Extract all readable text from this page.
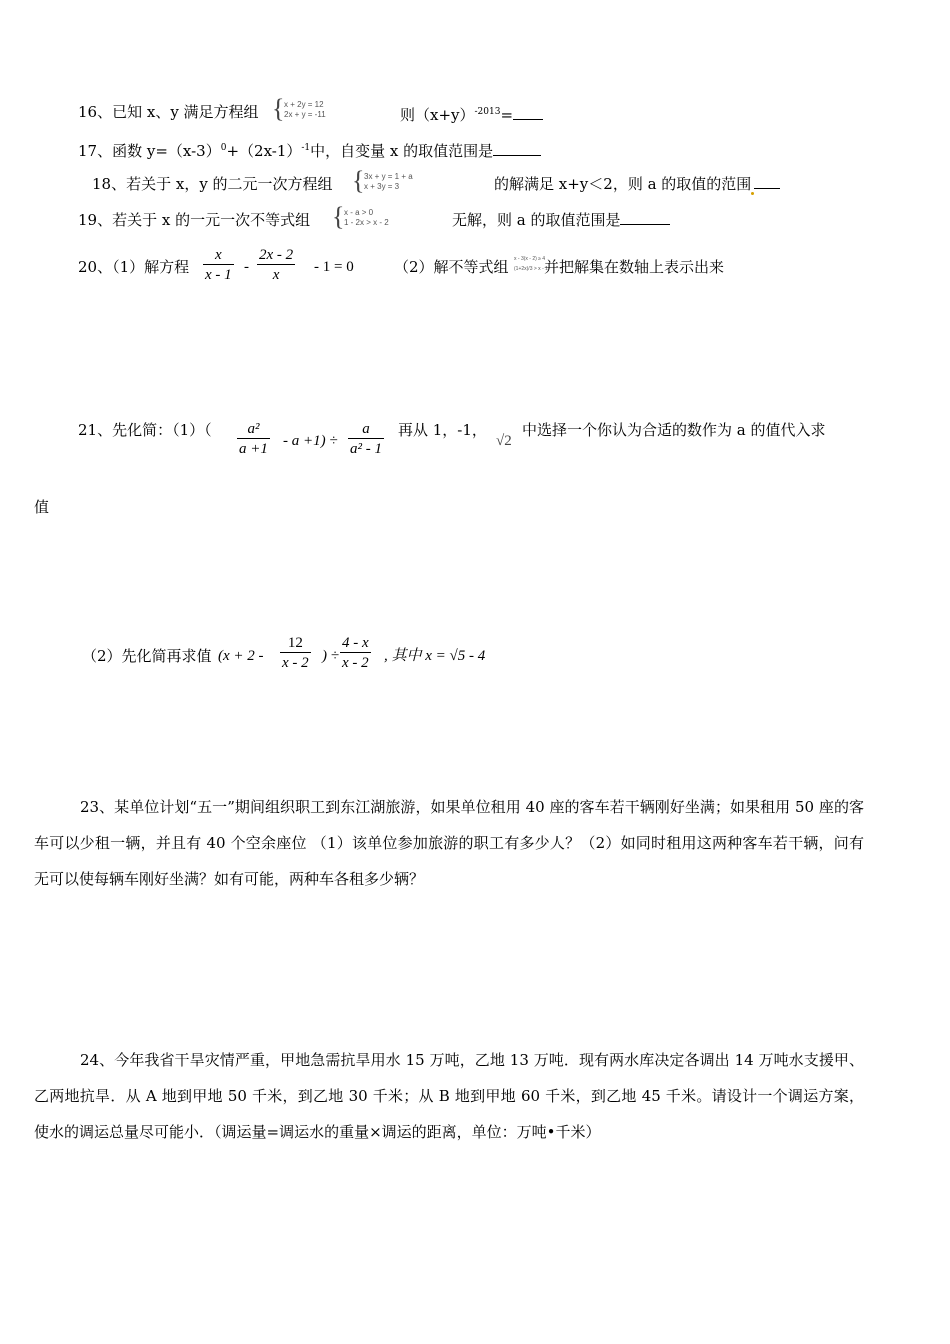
16、已知 x、y 满足方程组 { x + 2y = 12
2x + y = -11	则$(x+y)^{-2013}=$
17、函数 $y=(x-3)^0+(2x-1)^{-1}$中，自变量 x 的取值范围是
18、若关于 x，y 的二元一次方程组 { 3x + y = 1 + a
x + 3y = 3	的解满足 x+y＜2，则 a 的取值的范围
19、若关于 x 的一元一次不等式组 { x - a > 0
1 - 2x > x - 2	无解，则 a 的取值范围是
20、（1）解方程 $\frac{x}{x - 1} - \frac{2x - 2}{x} - 1 = 0$	（2）解不等式组 x - 3(x - 2) ≥ 4
(1+2x)/3 > x - 1
并把解集在数轴上表示出来
21、先化简：$(1)( \frac{\text{a²}}{a +1} - a +1) \div \frac{a}{\text{a² - 1}}$ 再从 1，-1，
√2
中选择一个你认为合适的数作为 a 的值代入求
值
（2）先化简再求值 ($x + 2 - \frac{12}{x - 2}$ ) ÷ $\frac{4 - x}{x - 2}$ , 其中 x = √5 - 4
23、某单位计划“五一”期间组织职工到东江湖旅游，如果单位租用 40 座的客车若干辆刚好坐满；如果租用 50 座的客车可以少租一辆，并且有 40 个空余座位 （1）该单位参加旅游的职工有多少人？（2）如同时租用这两种客车若干辆，问有无可以使每辆车刚好坐满？如有可能，两种车各租多少辆？
24、今年我省干旱灾情严重，甲地急需抗旱用水 15 万吨，乙地 13 万吨．现有两水库决定各调出 14 万吨水支援甲、乙两地抗旱．从 A 地到甲地 50 千米，到乙地 30 千米；从 B 地到甲地 60 千米，到乙地 45 千米。请设计一个调运方案，使水的调运总量尽可能小．（调运量=调运水的重量×调运的距离，单位：万吨•千米）
